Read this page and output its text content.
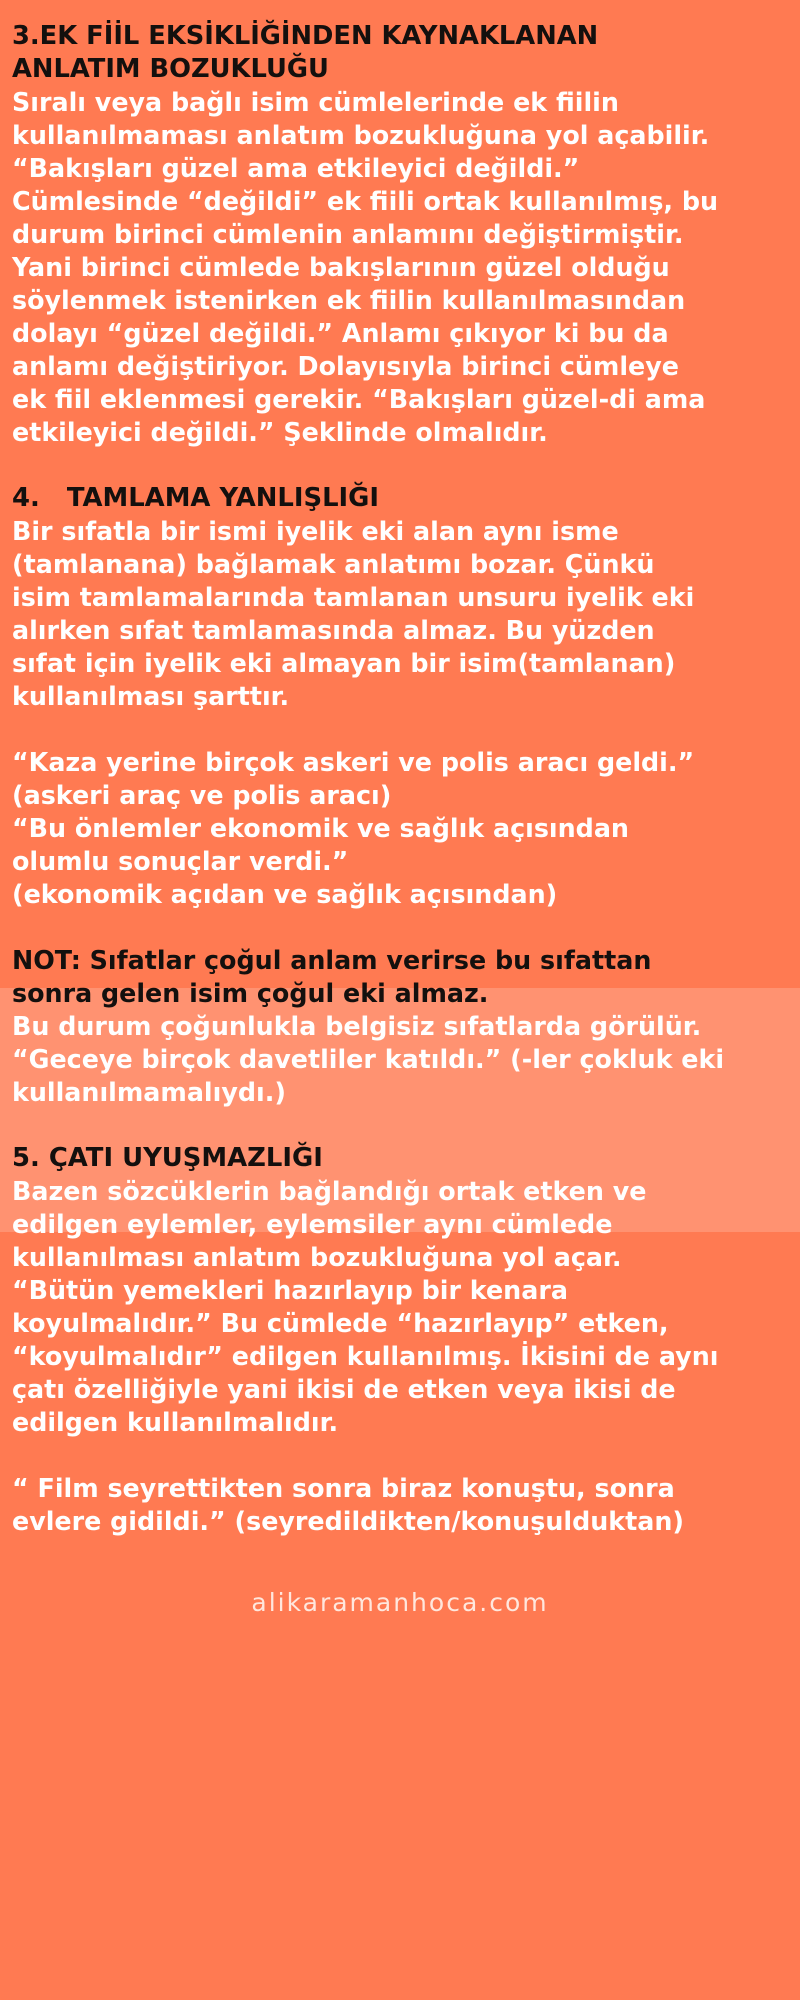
3.EK FİİL EKSİKLİĞİNDEN KAYNAKLANAN
ANLATIM BOZUKLUĞU

Sıralı veya bağlı isim cümlelerinde ek fiilin
kullanılmaması anlatım bozukluğuna yol açabilir.
“Bakışları güzel ama etkileyici değildi.”
Cümlesinde “değildi” ek fiili ortak kullanılmış, bu
durum birinci cümlenin anlamını değiştirmiştir.
Yani birinci cümlede bakışlarının güzel olduğu
söylenmek istenirken ek fiilin kullanılmasından
dolayı “güzel değildi.” Anlamı çıkıyor ki bu da
anlamı değiştiriyor. Dolayısıyla birinci cümleye
ek fiil eklenmesi gerekir. “Bakışları güzel-di ama
etkileyici değildi.” Şeklinde olmalıdır.

4.   TAMLAMA YANLIŞLIĞI

Bir sıfatla bir ismi iyelik eki alan aynı isme
(tamlanana) bağlamak anlatımı bozar. Çünkü
isim tamlamalarında tamlanan unsuru iyelik eki
alırken sıfat tamlamasında almaz. Bu yüzden
sıfat için iyelik eki almayan bir isim(tamlanan)
kullanılması şarttır.

“Kaza yerine birçok askeri ve polis aracı geldi.”
(askeri araç ve polis aracı)
“Bu önlemler ekonomik ve sağlık açısından
olumlu sonuçlar verdi.”
(ekonomik açıdan ve sağlık açısından)

NOT: Sıfatlar çoğul anlam verirse bu sıfattan
sonra gelen isim çoğul eki almaz.

Bu durum çoğunlukla belgisiz sıfatlarda görülür.
“Geceye birçok davetliler katıldı.” (-ler çokluk eki
kullanılmamalıydı.)

5. ÇATI UYUŞMAZLIĞI

Bazen sözcüklerin bağlandığı ortak etken ve
edilgen eylemler, eylemsiler aynı cümlede
kullanılması anlatım bozukluğuna yol açar.
“Bütün yemekleri hazırlayıp bir kenara
koyulmalıdır.” Bu cümlede “hazırlayıp” etken,
“koyulmalıdır” edilgen kullanılmış. İkisini de aynı
çatı özelliğiyle yani ikisi de etken veya ikisi de
edilgen kullanılmalıdır.

“ Film seyrettikten sonra biraz konuştu, sonra
evlere gidildi.” (seyredildikten/konuşulduktan)

alikaramanhoca.com
